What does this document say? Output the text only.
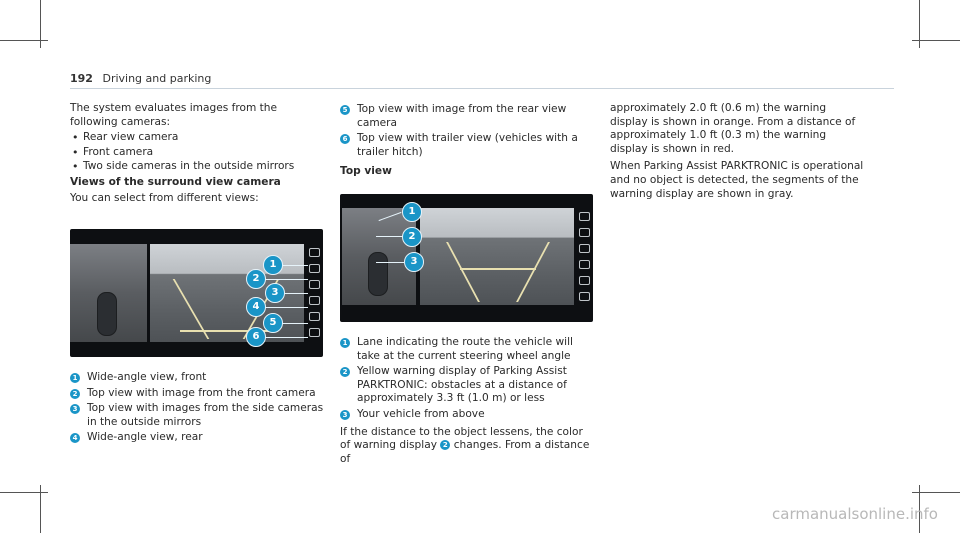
192 Driving and parking

The system evaluates images from the following cameras:

• Rear view camera
• Front camera
• Two side cameras in the outside mirrors

Views of the surround view camera

You can select from different views:

1
2
3
4
5
6
1 Wide-angle view, front
2 Top view with image from the front camera
3 Top view with images from the side cameras in the outside mirrors
4 Wide-angle view, rear
5 Top view with image from the rear view camera
6 Top view with trailer view (vehicles with a trailer hitch)

Top view

1
2
3
1 Lane indicating the route the vehicle will take at the current steering wheel angle
2 Yellow warning display of Parking Assist PARKTRONIC: obstacles at a distance of approximately 3.3 ft (1.0 m) or less
3 Your vehicle from above

If the distance to the object lessens, the color of warning display 2 changes. From a distance of

approximately 2.0 ft (0.6 m) the warning display is shown in orange. From a distance of approximately 1.0 ft (0.3 m) the warning display is shown in red.

When Parking Assist PARKTRONIC is operational and no object is detected, the segments of the warning display are shown in gray.

carmanualsonline.info
